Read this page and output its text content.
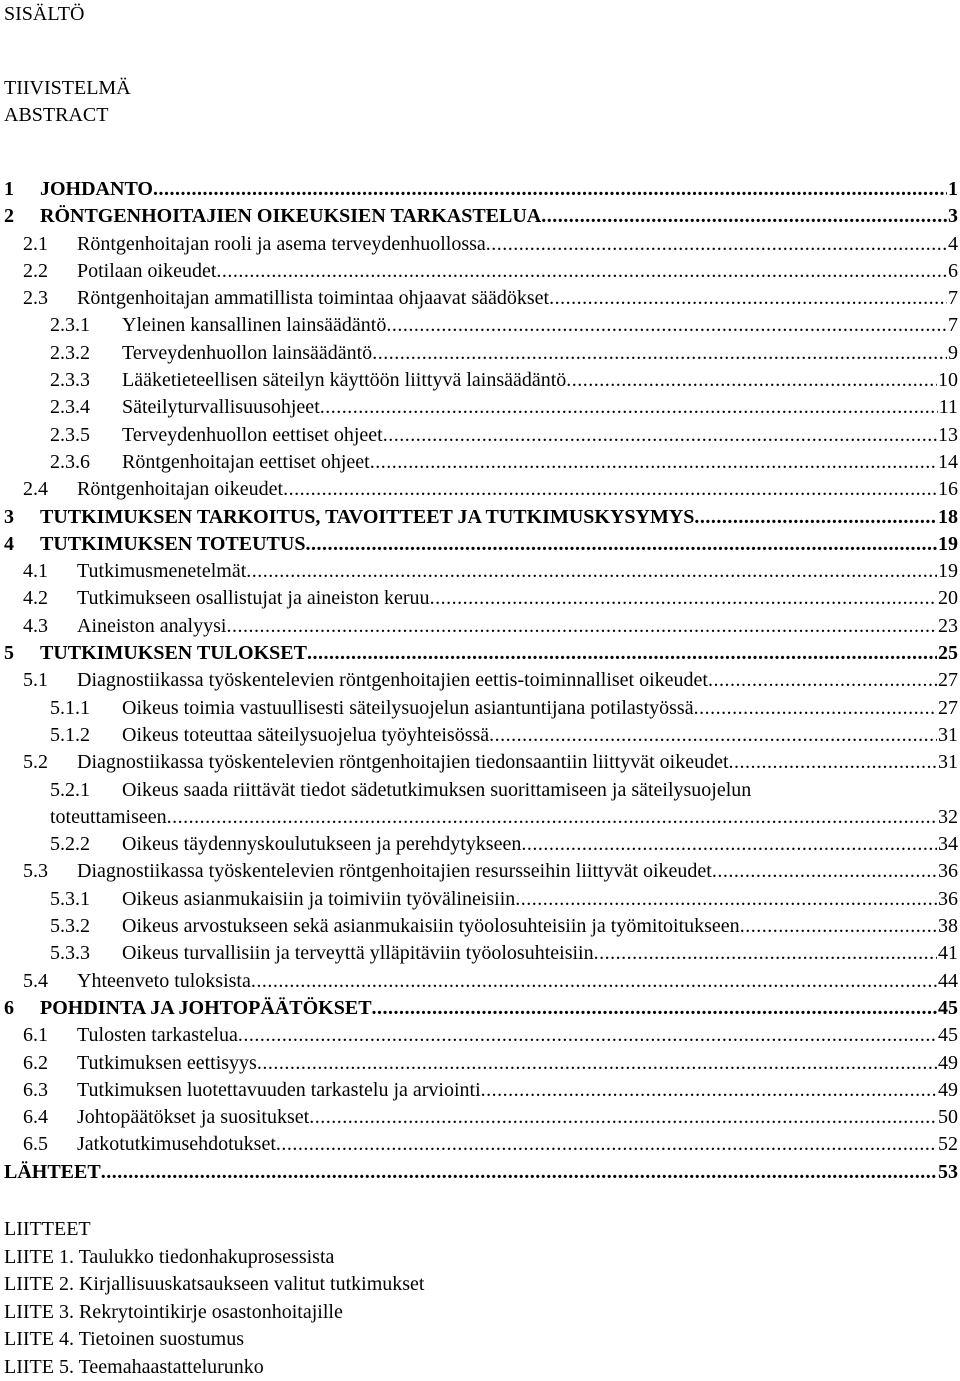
SISÄLTÖ
TIIVISTELMÄ
ABSTRACT
1 JOHDANTO .....	1
2 RÖNTGENHOITAJIEN OIKEUKSIEN TARKASTELUA .....	3
2.1 Röntgenhoitajan rooli ja asema terveydenhuollossa .....	4
2.2 Potilaan oikeudet .....	6
2.3 Röntgenhoitajan ammatillista toimintaa ohjaavat säädökset .....	7
2.3.1 Yleinen kansallinen lainsäädäntö .....	7
2.3.2 Terveydenhuollon lainsäädäntö .....	9
2.3.3 Lääketieteellisen säteilyn käyttöön liittyvä lainsäädäntö .....	10
2.3.4 Säteilyturvallisuusohjeet .....	11
2.3.5 Terveydenhuollon eettiset ohjeet .....	13
2.3.6 Röntgenhoitajan eettiset ohjeet .....	14
2.4 Röntgenhoitajan oikeudet .....	16
3 TUTKIMUKSEN TARKOITUS, TAVOITTEET JA TUTKIMUSKYSYMYS .....	18
4 TUTKIMUKSEN TOTEUTUS .....	19
4.1 Tutkimusmenetelmät .....	19
4.2 Tutkimukseen osallistujat ja aineiston keruu .....	20
4.3 Aineiston analyysi .....	23
5 TUTKIMUKSEN TULOKSET .....	25
5.1 Diagnostiikassa työskentelevien röntgenhoitajien eettis-toiminnalliset oikeudet .....	27
5.1.1 Oikeus toimia vastuullisesti säteilysuojelun asiantuntijana potilastyössä .....	27
5.1.2 Oikeus toteuttaa säteilysuojelua työyhteisössä .....	31
5.2 Diagnostiikassa työskentelevien röntgenhoitajien tiedonsaantiin liittyvät oikeudet .....	31
5.2.1 Oikeus saada riittävät tiedot sädetutkimuksen suorittamiseen ja säteilysuojelun
toteuttamiseen .....	32
5.2.2 Oikeus täydennyskoulutukseen ja perehdytykseen .....	34
5.3 Diagnostiikassa työskentelevien röntgenhoitajien resursseihin liittyvät oikeudet .....	36
5.3.1 Oikeus asianmukaisiin ja toimiviin työvälineisiin .....	36
5.3.2 Oikeus arvostukseen sekä asianmukaisiin työolosuhteisiin ja työmitoitukseen .....	38
5.3.3 Oikeus turvallisiin ja terveyttä ylläpitäviin työolosuhteisiin .....	41
5.4 Yhteenveto tuloksista .....	44
6 POHDINTA JA JOHTOPÄÄTÖKSET .....	45
6.1 Tulosten tarkastelua .....	45
6.2 Tutkimuksen eettisyys .....	49
6.3 Tutkimuksen luotettavuuden tarkastelu ja arviointi .....	49
6.4 Johtopäätökset ja suositukset .....	50
6.5 Jatkotutkimusehdotukset .....	52
LÄHTEET .....	53
LIITTEET
LIITE 1. Taulukko tiedonhakuprosessista
LIITE 2. Kirjallisuuskatsaukseen valitut tutkimukset
LIITE 3. Rekrytointikirje osastonhoitajille
LIITE 4. Tietoinen suostumus
LIITE 5. Teemahaastattelurunko
